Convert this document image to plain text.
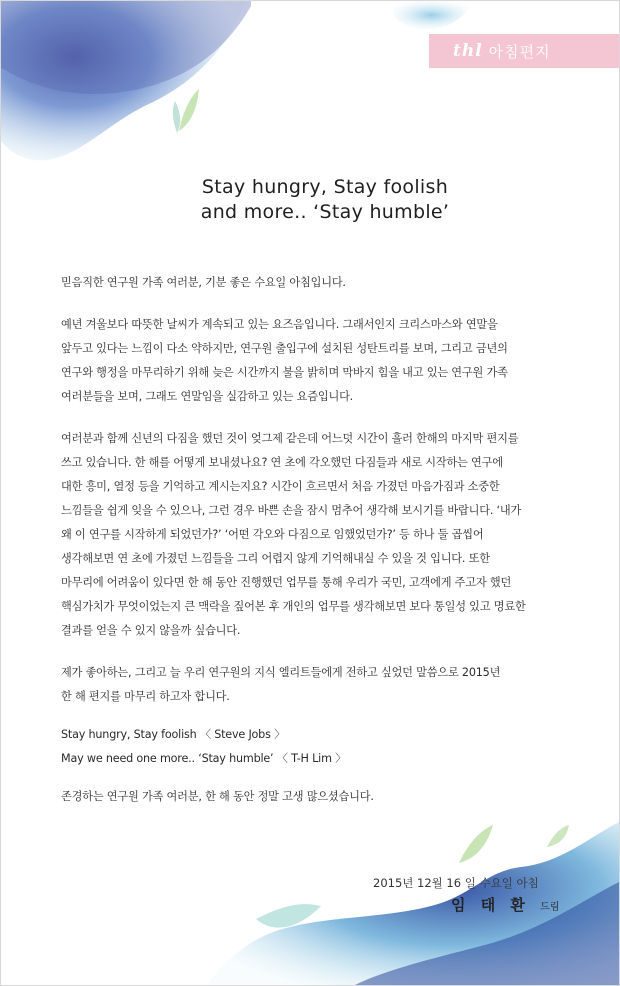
thl 아침편지
Stay hungry, Stay foolish
and more.. ‘Stay humble’

믿음직한 연구원 가족 여러분, 기분 좋은 수요일 아침입니다.

예년 겨울보다 따뜻한 날씨가 계속되고 있는 요즈음입니다. 그래서인지 크리스마스와 연말을

앞두고 있다는 느낌이 다소 약하지만, 연구원 출입구에 설치된 성탄트리를 보며, 그리고 금년의

연구와 행정을 마무리하기 위해 늦은 시간까지 불을 밝히며 막바지 힘을 내고 있는 연구원 가족

여러분들을 보며, 그래도 연말임을 실감하고 있는 요즘입니다.

여러분과 함께 신년의 다짐을 했던 것이 엊그제 같은데 어느덧 시간이 흘러 한해의 마지막 편지를

쓰고 있습니다. 한 해를 어떻게 보내셨나요? 연 초에 각오했던 다짐들과 새로 시작하는 연구에

대한 흥미, 열정 등을 기억하고 계시는지요? 시간이 흐르면서 처음 가졌던 마음가짐과 소중한

느낌들을 쉽게 잊을 수 있으나, 그런 경우 바쁜 손을 잠시 멈추어 생각해 보시기를 바랍니다. ‘내가

왜 이 연구를 시작하게 되었던가?’ ‘어떤 각오와 다짐으로 임했었던가?’ 등 하나 둘 곱씹어

생각해보면 연 초에 가졌던 느낌들을 그리 어렵지 않게 기억해내실 수 있을 것 입니다. 또한

마무리에 어려움이 있다면 한 해 동안 진행했던 업무를 통해 우리가 국민, 고객에게 주고자 했던

핵심가치가 무엇이었는지 큰 맥락을 짚어본 후 개인의 업무를 생각해보면 보다 통일성 있고 명료한

결과를 얻을 수 있지 않을까 싶습니다.

제가 좋아하는, 그리고 늘 우리 연구원의 지식 엘리트들에게 전하고 싶었던 말씀으로 2015년

한 해 편지를 마무리 하고자 합니다.

Stay hungry, Stay foolish 〈 Steve Jobs 〉

May we need one more.. ‘Stay humble’ 〈 T-H Lim 〉

존경하는 연구원 가족 여러분, 한 해 동안 정말 고생 많으셨습니다.

2015년 12월 16 일 수요일 아침
임 태 환 드림
